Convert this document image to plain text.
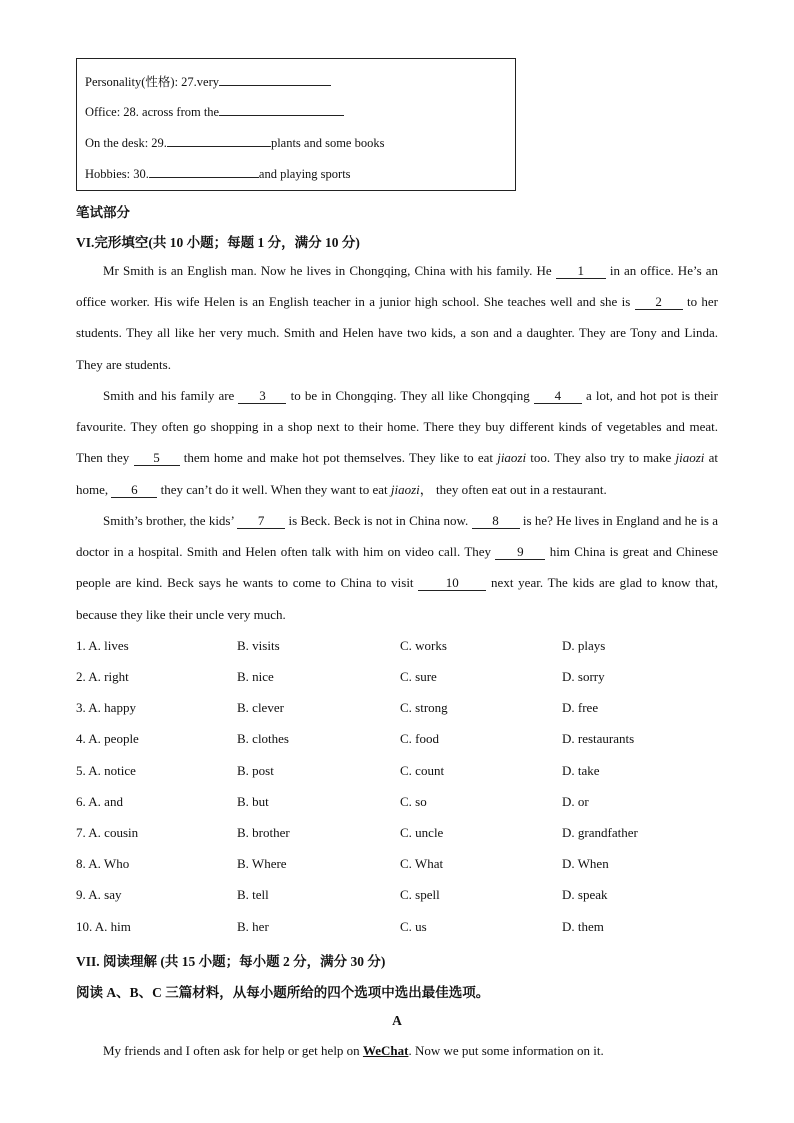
Personality(性格): 27.very
Office: 28. across from the
On the desk: 29.	plants and some books
Hobbies: 30.	and playing sports
笔试部分
VI.完形填空(共 10 小题；每题 1 分，满分 10 分)

Mr Smith is an English man. Now he lives in Chongqing, China with his family. He 1 in an office. He’s an office worker. His wife Helen is an English teacher in a junior high school. She teaches well and she is 2 to her students. They all like her very much. Smith and Helen have two kids, a son and a daughter. They are Tony and Linda. They are students.

Smith and his family are 3 to be in Chongqing. They all like Chongqing 4 a lot, and hot pot is their favourite. They often go shopping in a shop next to their home. There they buy different kinds of vegetables and meat. Then they 5 them home and make hot pot themselves. They like to eat jiaozi too. They also try to make jiaozi at home, 6 they can’t do it well. When they want to eat jiaozi， they often eat out in a restaurant.

Smith’s brother, the kids’ 7 is Beck. Beck is not in China now. 8 is he? He lives in England and he is a doctor in a hospital. Smith and Helen often talk with him on video call. They 9 him China is great and Chinese people are kind. Beck says he wants to come to China to visit 10 next year. The kids are glad to know that, because they like their uncle very much.

1. A. lives	B. visits	C. works	D. plays
2. A. right	B. nice	C. sure	D. sorry
3. A. happy	B. clever	C. strong	D. free
4. A. people	B. clothes	C. food	D. restaurants
5. A. notice	B. post	C. count	D. take
6. A. and	B. but	C. so	D. or
7. A. cousin	B. brother	C. uncle	D. grandfather
8. A. Who	B. Where	C. What	D. When
9. A. say	B. tell	C. spell	D. speak
10. A. him	B. her	C. us	D. them
VII. 阅读理解 (共 15 小题；每小题 2 分，满分 30 分)
阅读 A、B、C 三篇材料，从每小题所给的四个选项中选出最佳选项。
A
My friends and I often ask for help or get help on WeChat. Now we put some information on it.
